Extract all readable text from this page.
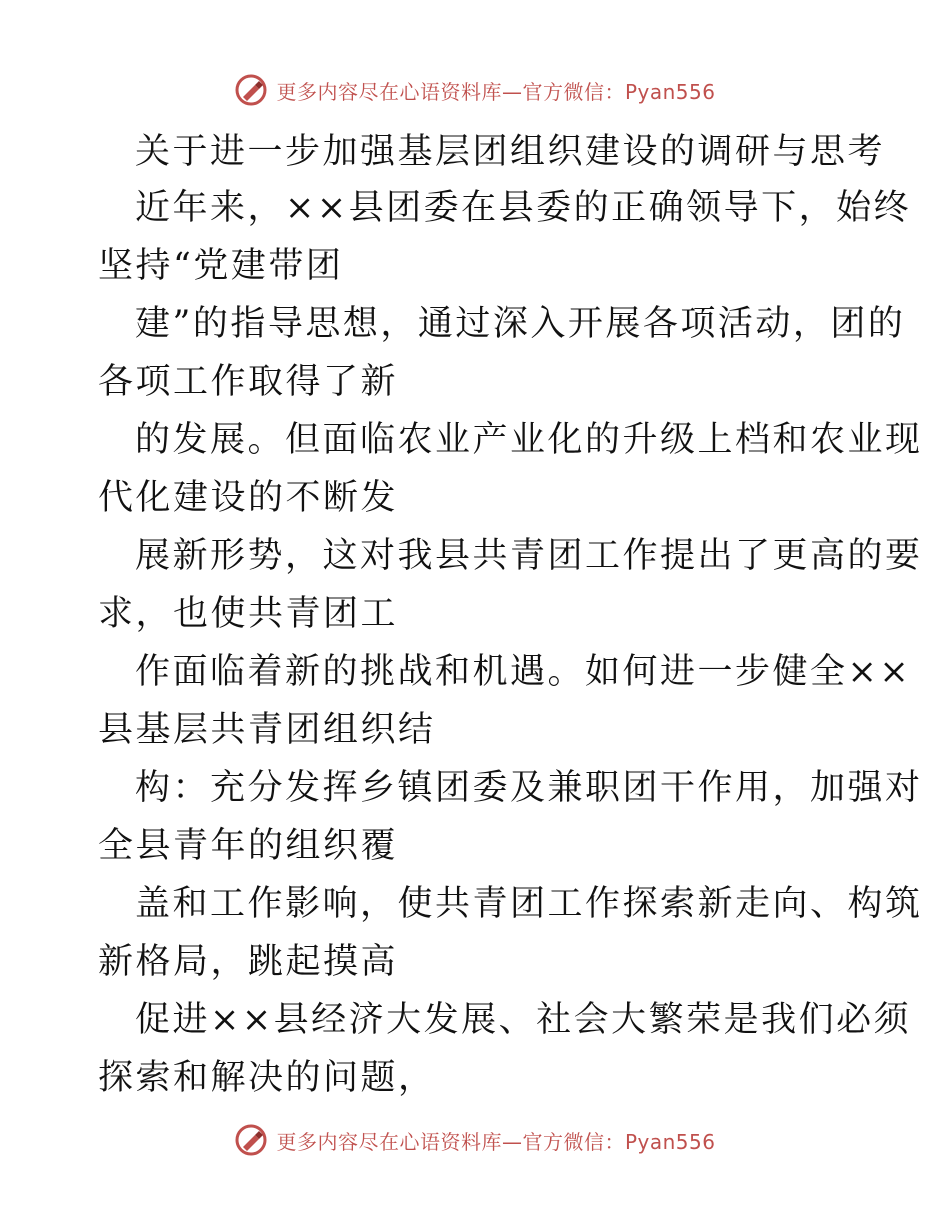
更多内容尽在心语资料库—官方微信：Pyan556
关于进一步加强基层团组织建设的调研与思考
近年来，××县团委在县委的正确领导下，始终
坚持“党建带团
建”的指导思想，通过深入开展各项活动，团的
各项工作取得了新
的发展。但面临农业产业化的升级上档和农业现
代化建设的不断发
展新形势，这对我县共青团工作提出了更高的要
求，也使共青团工
作面临着新的挑战和机遇。如何进一步健全××
县基层共青团组织结
构：充分发挥乡镇团委及兼职团干作用，加强对
全县青年的组织覆
盖和工作影响，使共青团工作探索新走向、构筑
新格局，跳起摸高
促进××县经济大发展、社会大繁荣是我们必须
探索和解决的问题，
更多内容尽在心语资料库—官方微信：Pyan556
